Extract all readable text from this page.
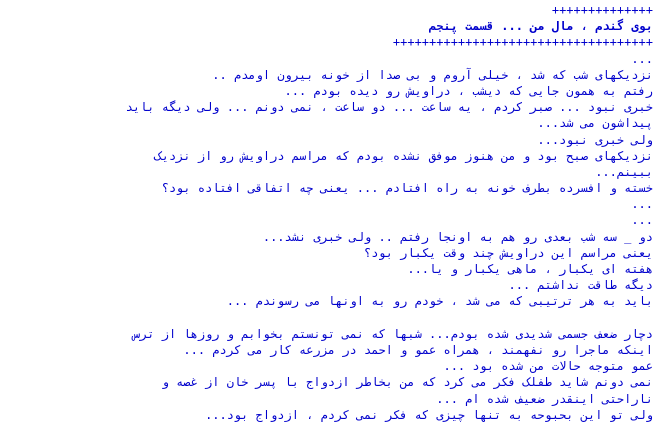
++++++++++++++
بوی گندم ، مال من ... قسمت پنجم
++++++++++++++++++++++++++++++++++++
...
نزدیکهای شب که شد ، خیلی آروم و بی صدا از خونه بیرون اومدم ..
رفتم به همون جایی که دیشب ، دراویش رو دیده بودم ...
خبری نبود ... صبر کردم ، یه ساعت ... دو ساعت ، نمی دونم ... ولی دیگه باید
پیداشون می شد...
ولی خبری نبود...
نزدیکهای صبح بود و من هنوز موفق نشده بودم که مراسم دراویش رو از نزدیک
ببینم...
خسته و افسرده بطرف خونه به راه افتادم ... یعنی چه اتفاقی افتاده بود؟
...
...
دو _ سه شب بعدی رو هم به اونجا رفتم .. ولی خبری نشد...
یعنی مراسم این دراویش چند وقت یکبار بود؟
هفته ای یکبار ، ماهی یکبار و یا...
دیگه طاقت نداشتم ...
باید به هر ترتیبی که می شد ، خودم رو به اونها می رسوندم ...
دچار ضعف جسمی شدیدی شده بودم... شبها که نمی تونستم بخوابم و روزها از ترس
اینکه ماجرا رو نفهمند ، همراه عمو و احمد در مزرعه کار می کردم ...
عمو متوجه حالات من شده بود ...
نمی دونم شاید طفلک فکر می کرد که من بخاطر ازدواج با پسر خان از غصه و
ناراحتی اینقدر ضعیف شده ام ...
ولی تو این بحبوحه به تنها چیزی که فکر نمی کردم ، ازدواج بود...
